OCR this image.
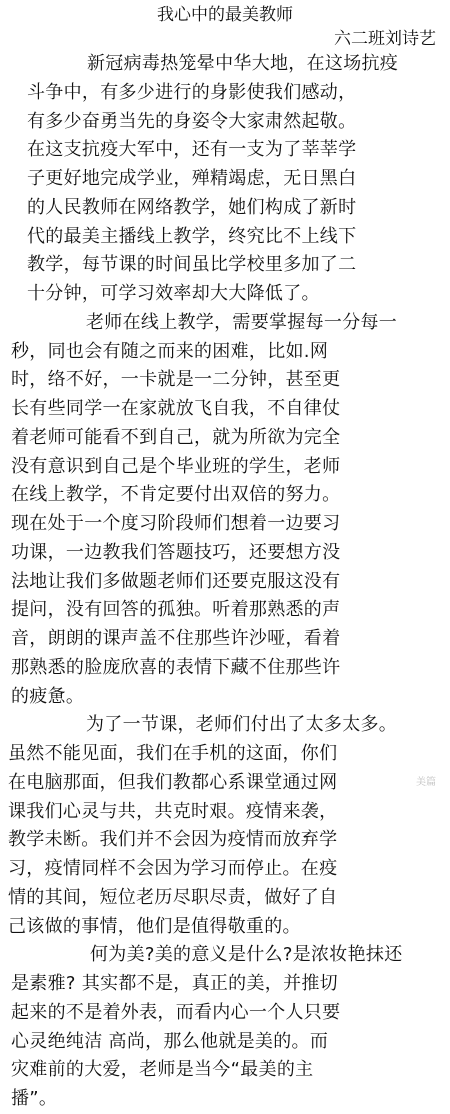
我心中的最美教师
六二班刘诗艺
新冠病毒热笼晕中华大地，在这场抗疫
斗争中，有多少进行的身影使我们感动，
有多少奋勇当先的身姿令大家肃然起敬。
在这支抗疫大军中，还有一支为了莘莘学
子更好地完成学业，殚精竭虑，无日黑白
的人民教师在网络教学，她们构成了新时
代的最美主播线上教学，终究比不上线下
教学，每节课的时间虽比学校里多加了二
十分钟，可学习效率却大大降低了。
老师在线上教学，需要掌握每一分每一
秒，同也会有随之而来的困难，比如.网
时，络不好，一卡就是一二分钟，甚至更
长有些同学一在家就放飞自我，不自律仗
着老师可能看不到自己，就为所欲为完全
没有意识到自己是个毕业班的学生，老师
在线上教学，不肯定要付出双倍的努力。
现在处于一个度习阶段师们想着一边要习
功课，一边教我们答题技巧，还要想方没
法地让我们多做题老师们还要克服这没有
提问，没有回答的孤独。听着那熟悉的声
音，朗朗的课声盖不住那些许沙哑，看着
那熟悉的脸庞欣喜的表情下藏不住那些许
的疲惫。
为了一节课，老师们付出了太多太多。
虽然不能见面，我们在手机的这面，你们
在电脑那面，但我们教都心系课堂通过网
课我们心灵与共，共克时艰。疫情来袭，
教学未断。我们并不会因为疫情而放弃学
习，疫情同样不会因为学习而停止。在疫
情的其间，短位老历尽职尽责，做好了自
己该做的事情，他们是值得敬重的。
何为美?美的意义是什么?是浓妆艳抹还
是素雅? 其实都不是，真正的美，并推切
起来的不是着外表，而看内心一个人只要
心灵绝纯洁 高尚，那么他就是美的。而
灾难前的大爱，老师是当今“最美的主
播”。
美篇
